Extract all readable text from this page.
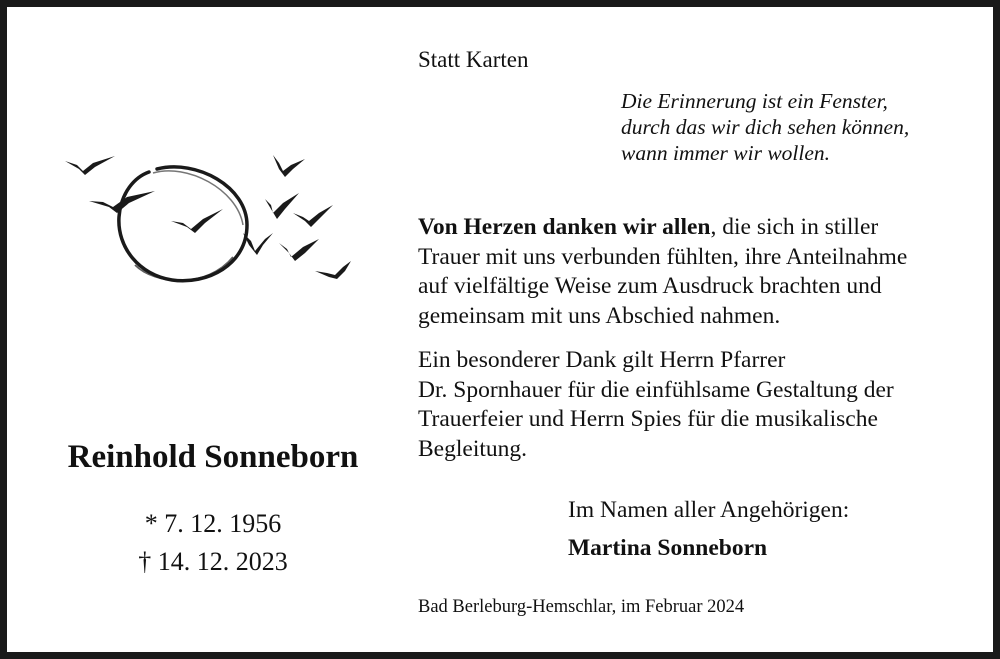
Reinhold Sonneborn
* 7. 12. 1956
† 14. 12. 2023
Statt Karten
Die Erinnerung ist ein Fenster,
durch das wir dich sehen können,
wann immer wir wollen.
Von Herzen danken wir allen, die sich in stiller
Trauer mit uns verbunden fühlten, ihre Anteilnahme
auf vielfältige Weise zum Ausdruck brachten und
gemeinsam mit uns Abschied nahmen.
Ein besonderer Dank gilt Herrn Pfarrer
Dr. Spornhauer für die einfühlsame Gestaltung der
Trauerfeier und Herrn Spies für die musikalische
Begleitung.
Im Namen aller Angehörigen:
Martina Sonneborn
Bad Berleburg-Hemschlar, im Februar 2024
